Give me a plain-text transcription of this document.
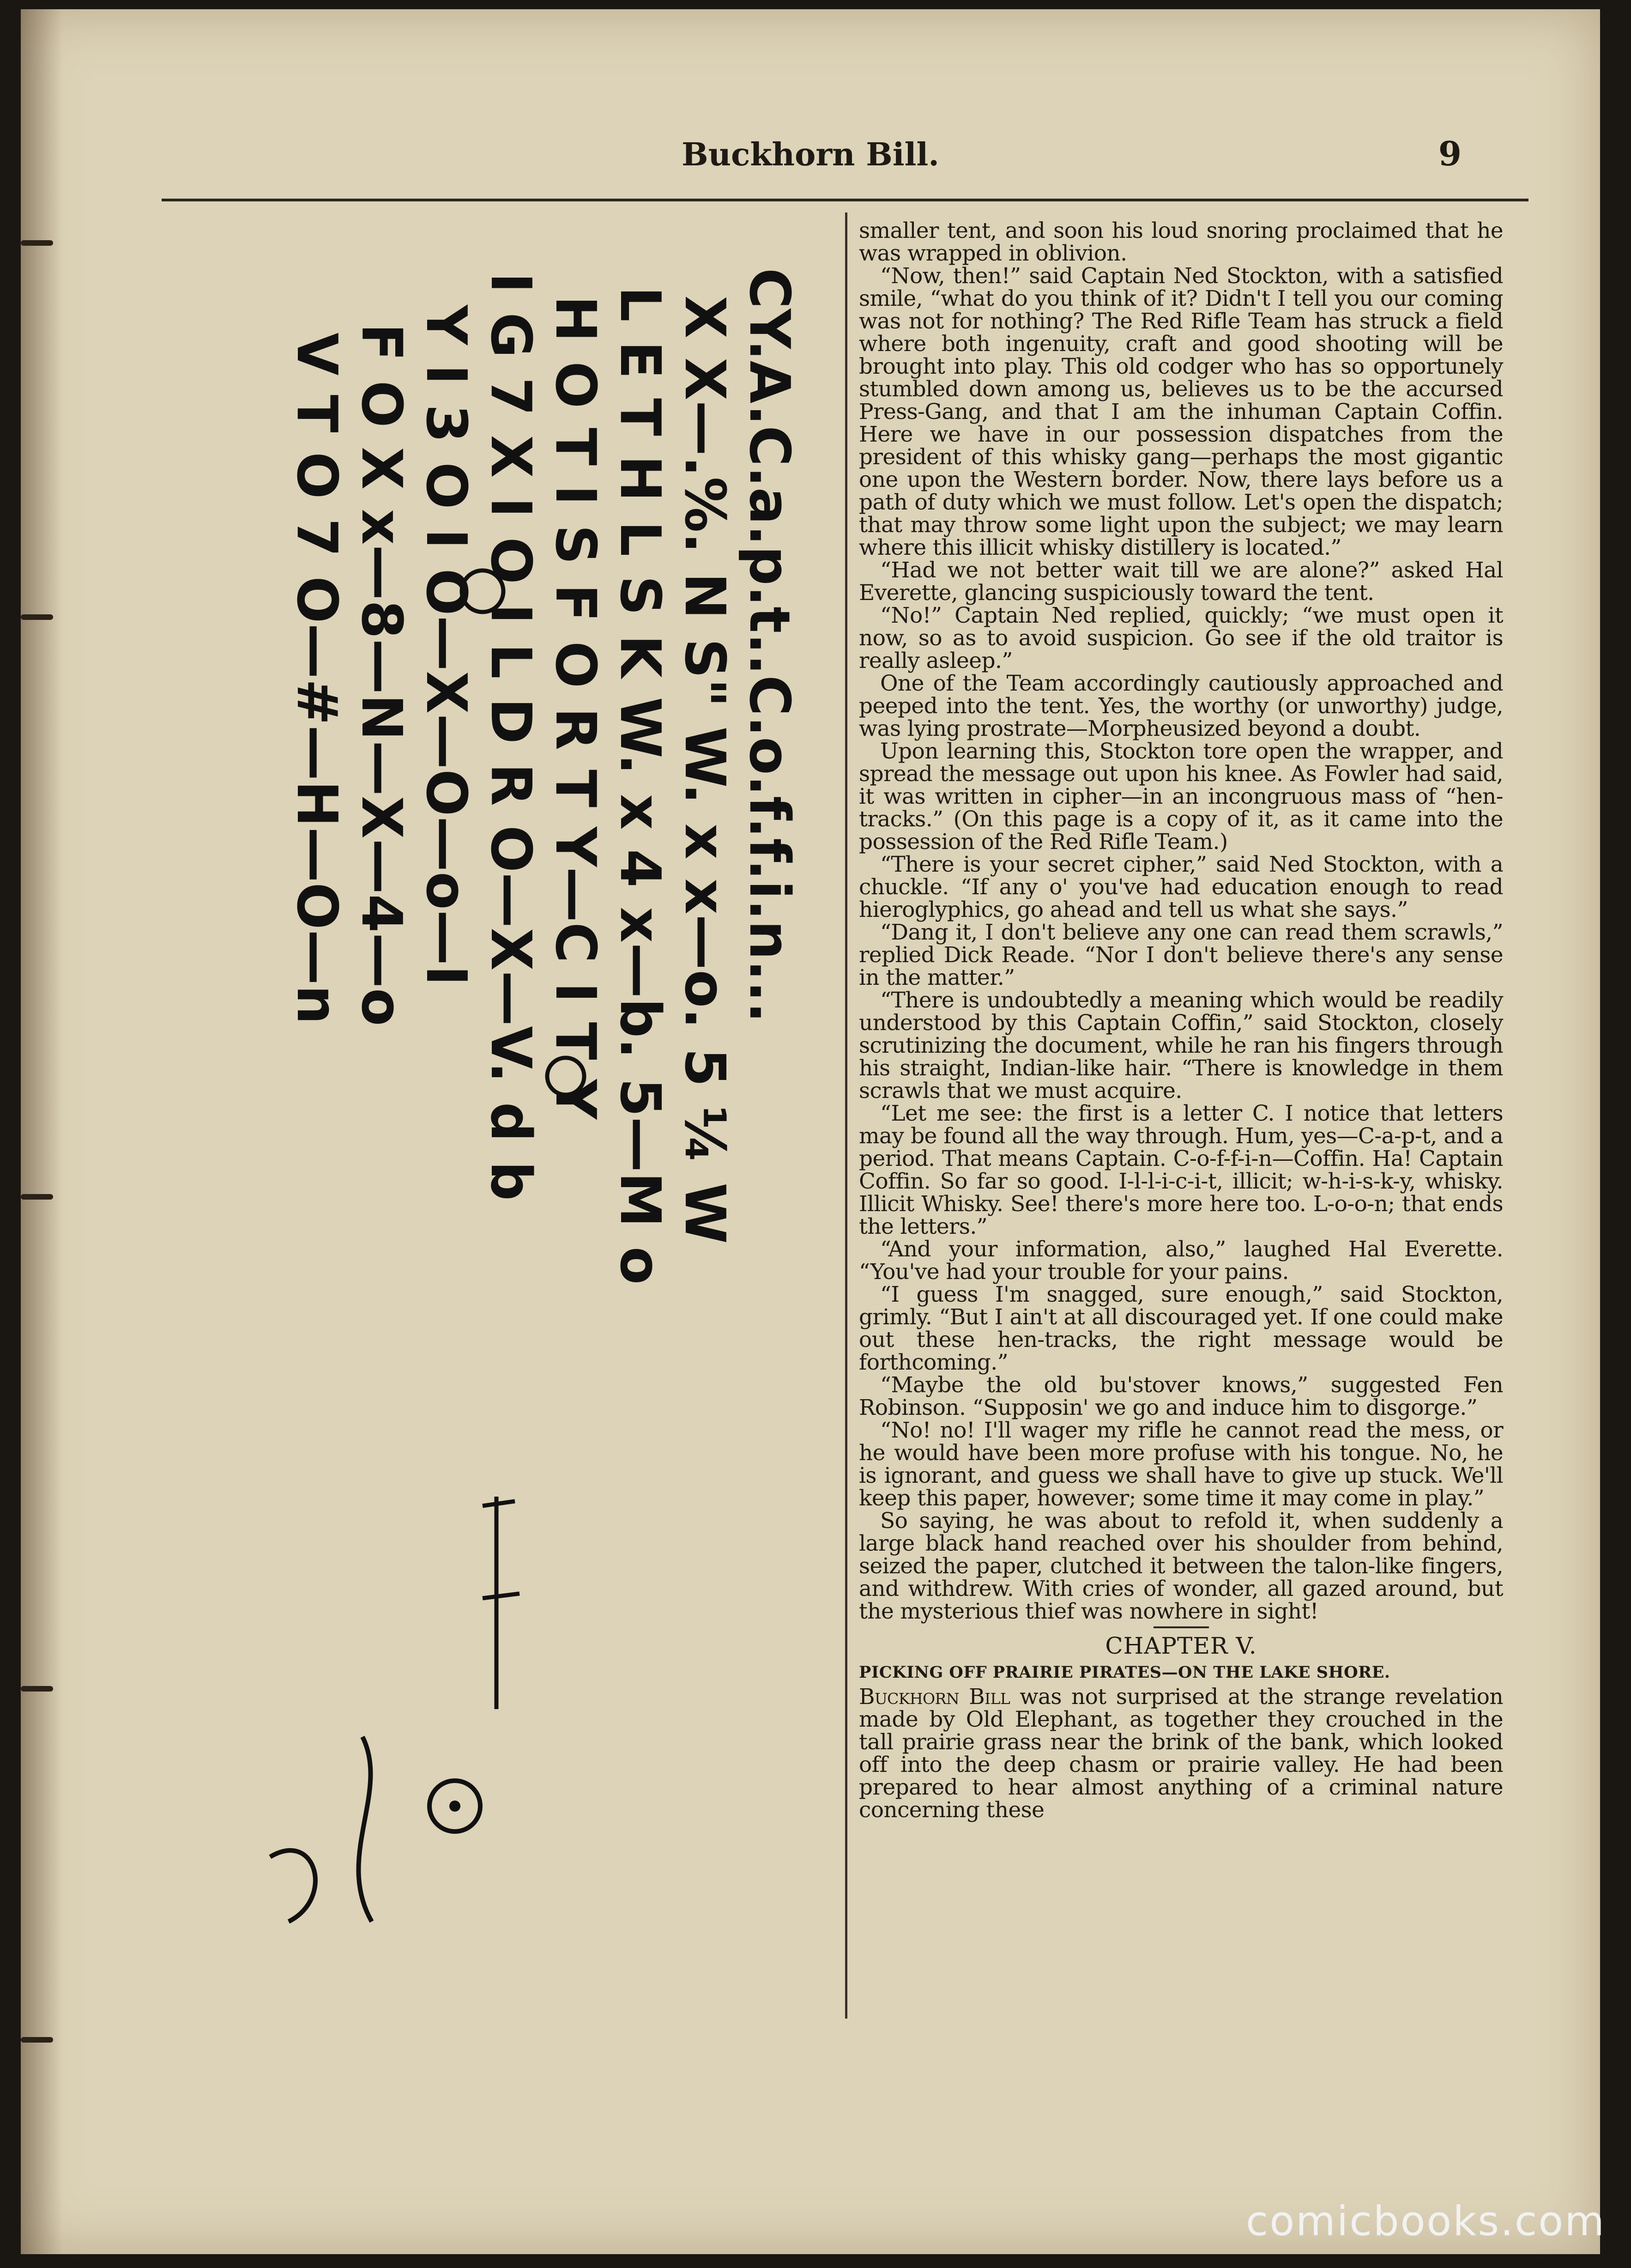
Buckhorn Bill.	9
CY.A.C.a.p.t..C.o.f.f.i.n...
X X—.%. N S" W. x x—o. 5 ¼ W
L E T H L S K W. x 4 x—b. 5—M o
H O T I S F O R T Y—C I T Y
I G 7 X I O I L D R O—X—V. d b
Y I 3 O I O—X—O—o—I
F O X x—8—N—X—4—o
V T O 7 O—#—H—O—n

smaller tent, and soon his loud snoring proclaimed that he was wrapped in oblivion.

“Now, then!” said Captain Ned Stockton, with a satisfied smile, “what do you think of it? Didn't I tell you our coming was not for nothing? The Red Rifle Team has struck a field where both ingenuity, craft and good shooting will be brought into play. This old codger who has so opportunely stumbled down among us, believes us to be the accursed Press-Gang, and that I am the inhuman Captain Coffin. Here we have in our possession dispatches from the president of this whisky gang—perhaps the most gigantic one upon the Western border. Now, there lays before us a path of duty which we must follow. Let's open the dispatch; that may throw some light upon the subject; we may learn where this illicit whisky distillery is located.”

“Had we not better wait till we are alone?” asked Hal Everette, glancing suspiciously toward the tent.

“No!” Captain Ned replied, quickly; “we must open it now, so as to avoid suspicion. Go see if the old traitor is really asleep.”

One of the Team accordingly cautiously approached and peeped into the tent. Yes, the worthy (or unworthy) judge, was lying prostrate—Morpheusized beyond a doubt.

Upon learning this, Stockton tore open the wrapper, and spread the message out upon his knee. As Fowler had said, it was written in cipher—in an incongruous mass of “hen-tracks.” (On this page is a copy of it, as it came into the possession of the Red Rifle Team.)

“There is your secret cipher,” said Ned Stockton, with a chuckle. “If any o' you've had education enough to read hieroglyphics, go ahead and tell us what she says.”

“Dang it, I don't believe any one can read them scrawls,” replied Dick Reade. “Nor I don't believe there's any sense in the matter.”

“There is undoubtedly a meaning which would be readily understood by this Captain Coffin,” said Stockton, closely scrutinizing the document, while he ran his fingers through his straight, Indian-like hair. “There is knowledge in them scrawls that we must acquire.

“Let me see: the first is a letter C. I notice that letters may be found all the way through. Hum, yes—C-a-p-t, and a period. That means Captain. C-o-f-f-i-n—Coffin. Ha! Captain Coffin. So far so good. I-l-l-i-c-i-t, illicit; w-h-i-s-k-y, whisky. Illicit Whisky. See! there's more here too. L-o-o-n; that ends the letters.”

“And your information, also,” laughed Hal Everette. “You've had your trouble for your pains.

“I guess I'm snagged, sure enough,” said Stockton, grimly. “But I ain't at all discouraged yet. If one could make out these hen-tracks, the right message would be forthcoming.”

“Maybe the old bu'stover knows,” suggested Fen Robinson. “Supposin' we go and induce him to disgorge.”

“No! no! I'll wager my rifle he cannot read the mess, or he would have been more profuse with his tongue. No, he is ignorant, and guess we shall have to give up stuck. We'll keep this paper, however; some time it may come in play.”

So saying, he was about to refold it, when suddenly a large black hand reached over his shoulder from behind, seized the paper, clutched it between the talon-like fingers, and withdrew. With cries of wonder, all gazed around, but the mysterious thief was nowhere in sight!

CHAPTER V.
PICKING OFF PRAIRIE PIRATES—ON THE LAKE SHORE.

Buckhorn Bill was not surprised at the strange revelation made by Old Elephant, as together they crouched in the tall prairie grass near the brink of the bank, which looked off into the deep chasm or prairie valley. He had been prepared to hear almost anything of a criminal nature concerning these

comicbooks.com
